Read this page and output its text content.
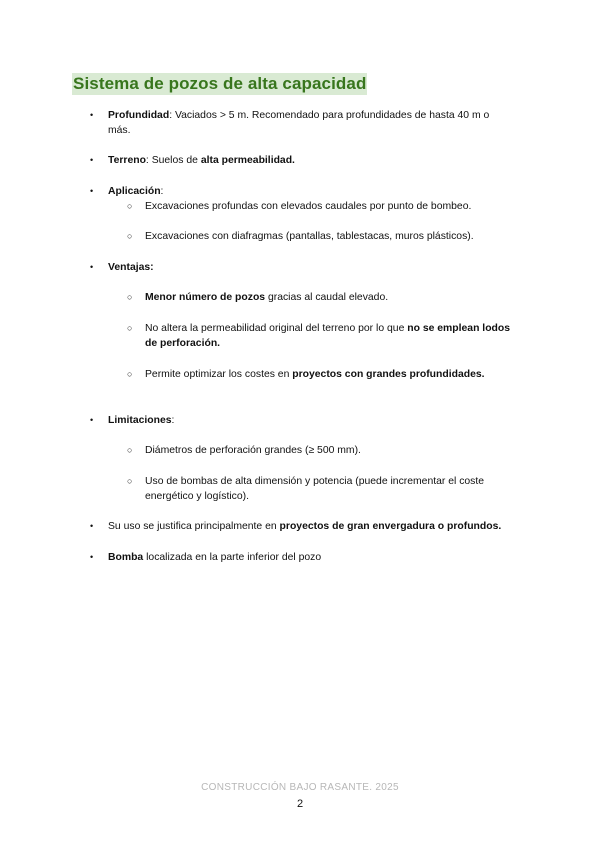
Sistema de pozos de alta capacidad
• Profundidad: Vaciados > 5 m. Recomendado para profundidades de hasta 40 m o
más.
• Terreno: Suelos de alta permeabilidad.
• Aplicación:
○ Excavaciones profundas con elevados caudales por punto de bombeo.
○ Excavaciones con diafragmas (pantallas, tablestacas, muros plásticos).
• Ventajas:
○ Menor número de pozos gracias al caudal elevado.
○ No altera la permeabilidad original del terreno por lo que no se emplean lodos
de perforación.
○ Permite optimizar los costes en proyectos con grandes profundidades.
• Limitaciones:
○ Diámetros de perforación grandes (≥ 500 mm).
○ Uso de bombas de alta dimensión y potencia (puede incrementar el coste
energético y logístico).
• Su uso se justifica principalmente en proyectos de gran envergadura o profundos.
• Bomba localizada en la parte inferior del pozo
CONSTRUCCIÓN BAJO RASANTE. 2025
2
